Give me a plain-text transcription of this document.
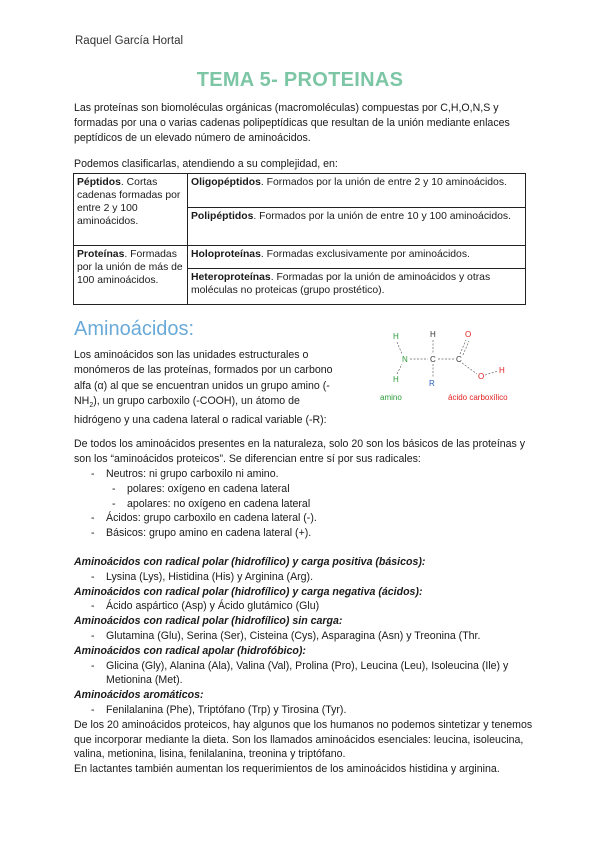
Raquel García Hortal
TEMA 5- PROTEINAS
Las proteínas son biomoléculas orgánicas (macromoléculas) compuestas por C,H,O,N,S y formadas por una o varias cadenas polipeptídicas que resultan de la unión mediante enlaces peptídicos de un elevado número de aminoácidos.
Podemos clasificarlas, atendiendo a su complejidad, en:
Péptidos. Cortas cadenas formadas por entre 2 y 100 aminoácidos.	Oligopéptidos. Formados por la unión de entre 2 y 10 aminoácidos.
	Polipéptidos. Formados por la unión de entre 10 y 100 aminoácidos.
Proteínas. Formadas por la unión de más de 100 aminoácidos.	Holoproteínas. Formadas exclusivamente por aminoácidos.
	Heteroproteínas. Formadas por la unión de aminoácidos y otras moléculas no proteicas (grupo prostético).
Aminoácidos:
Los aminoácidos son las unidades estructurales o monómeros de las proteínas, formados por un carbono alfa (α) al que se encuentran unidos un grupo amino $(-NH_2)$, un grupo carboxilo (-COOH), un átomo de hidrógeno y una cadena lateral o radical variable (-R):
H
N
H
H
C
R
C
O
O
H
amino	ácido carboxílico
De todos los aminoácidos presentes en la naturaleza, solo 20 son los básicos de las proteínas y son los “aminoácidos proteicos”. Se diferencian entre sí por sus radicales:
- Neutros: ni grupo carboxilo ni amino.
- polares: oxígeno en cadena lateral
- apolares: no oxígeno en cadena lateral
- Ácidos: grupo carboxilo en cadena lateral (-).
- Básicos: grupo amino en cadena lateral (+).
Aminoácidos con radical polar (hidrofílico) y carga positiva (básicos):
- Lysina (Lys), Histidina (His) y Arginina (Arg).
Aminoácidos con radical polar (hidrofílico) y carga negativa (ácidos):
- Ácido aspártico (Asp) y Ácido glutámico (Glu)
Aminoácidos con radical polar (hidrofílico) sin carga:
- Glutamina (Glu), Serina (Ser), Cisteina (Cys), Asparagina (Asn) y Treonina (Thr.
Aminoácidos con radical apolar (hidrofóbico):
- Glicina (Gly), Alanina (Ala), Valina (Val), Prolina (Pro), Leucina (Leu), Isoleucina (Ile) y Metionina (Met).
Aminoácidos aromáticos:
- Fenilalanina (Phe), Triptófano (Trp) y Tirosina (Tyr).
De los 20 aminoácidos proteicos, hay algunos que los humanos no podemos sintetizar y tenemos que incorporar mediante la dieta. Son los llamados aminoácidos esenciales: leucina, isoleucina, valina, metionina, lisina, fenilalanina, treonina y triptófano.
En lactantes también aumentan los requerimientos de los aminoácidos histidina y arginina.
